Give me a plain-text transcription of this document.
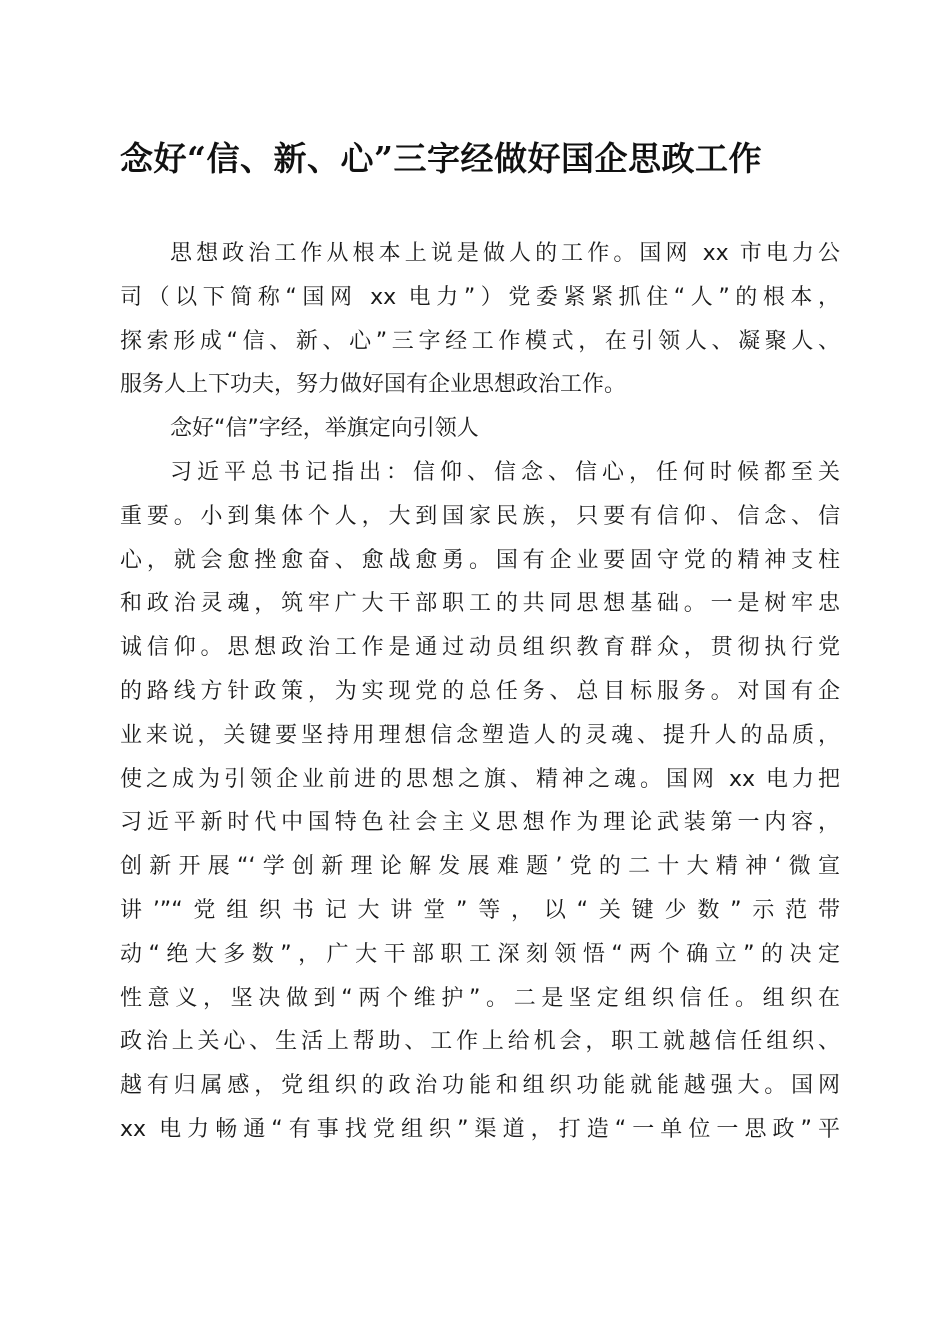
念好“信、新、心”三字经做好国企思政工作
思想政治工作从根本上说是做人的工作。国网 xx 市电力公
司（以下简称“国网 xx 电力”）党委紧紧抓住“人”的根本，
探索形成“信、新、心”三字经工作模式，在引领人、凝聚人、
服务人上下功夫，努力做好国有企业思想政治工作。
念好“信”字经，举旗定向引领人
习近平总书记指出：信仰、信念、信心，任何时候都至关
重要。小到集体个人，大到国家民族，只要有信仰、信念、信
心，就会愈挫愈奋、愈战愈勇。国有企业要固守党的精神支柱
和政治灵魂，筑牢广大干部职工的共同思想基础。一是树牢忠
诚信仰。思想政治工作是通过动员组织教育群众，贯彻执行党
的路线方针政策，为实现党的总任务、总目标服务。对国有企
业来说，关键要坚持用理想信念塑造人的灵魂、提升人的品质，
使之成为引领企业前进的思想之旗、精神之魂。国网 xx 电力把
习近平新时代中国特色社会主义思想作为理论武装第一内容，
创新开展“‘学创新理论解发展难题’党的二十大精神‘微宣
讲’”“党组织书记大讲堂”等，以“关键少数”示范带
动“绝大多数”，广大干部职工深刻领悟“两个确立”的决定
性意义，坚决做到“两个维护”。二是坚定组织信任。组织在
政治上关心、生活上帮助、工作上给机会，职工就越信任组织、
越有归属感，党组织的政治功能和组织功能就能越强大。国网
xx 电力畅通“有事找党组织”渠道，打造“一单位一思政”平
